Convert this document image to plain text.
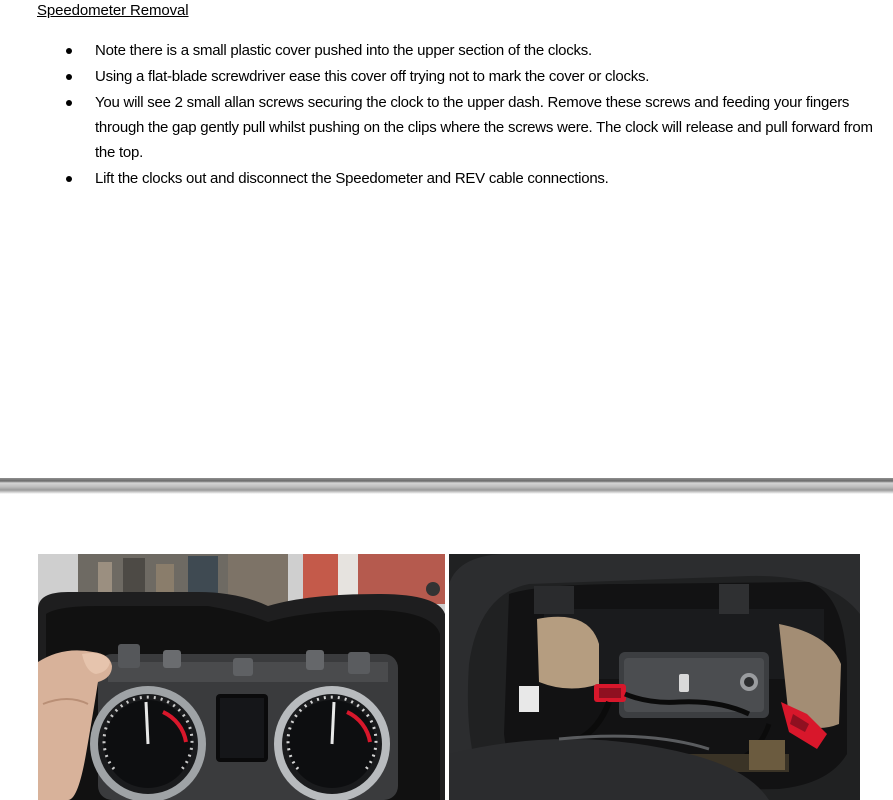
Speedometer Removal
Note there is a small plastic cover pushed into the upper section of the clocks.
Using a flat-blade screwdriver ease this cover off trying not to mark the cover or clocks.
You will see 2 small allan screws securing the clock to the upper dash. Remove these screws and feeding your fingers through the gap gently pull whilst pushing on the clips where the screws were. The clock will release and pull forward from the top.
Lift the clocks out and disconnect the Speedometer and REV cable connections.
